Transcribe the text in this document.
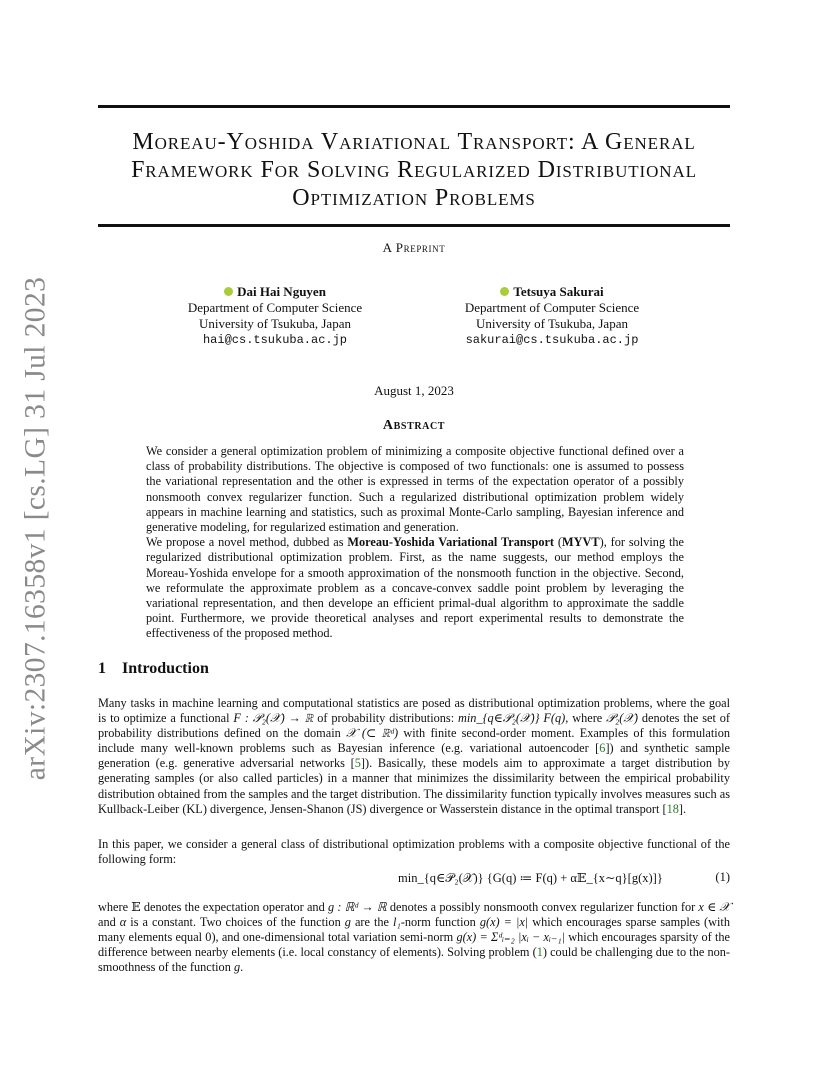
arXiv:2307.16358v1 [cs.LG] 31 Jul 2023
Moreau-Yoshida Variational Transport: A General Framework For Solving Regularized Distributional Optimization Problems
A Preprint
Dai Hai Nguyen
Department of Computer Science
University of Tsukuba, Japan
hai@cs.tsukuba.ac.jp
Tetsuya Sakurai
Department of Computer Science
University of Tsukuba, Japan
sakurai@cs.tsukuba.ac.jp
August 1, 2023
Abstract

We consider a general optimization problem of minimizing a composite objective functional defined over a class of probability distributions. The objective is composed of two functionals: one is assumed to possess the variational representation and the other is expressed in terms of the expectation operator of a possibly nonsmooth convex regularizer function. Such a regularized distributional optimization problem widely appears in machine learning and statistics, such as proximal Monte-Carlo sampling, Bayesian inference and generative modeling, for regularized estimation and generation.

We propose a novel method, dubbed as Moreau-Yoshida Variational Transport (MYVT), for solving the regularized distributional optimization problem. First, as the name suggests, our method employs the Moreau-Yoshida envelope for a smooth approximation of the nonsmooth function in the objective. Second, we reformulate the approximate problem as a concave-convex saddle point problem by leveraging the variational representation, and then develope an efficient primal-dual algorithm to approximate the saddle point. Furthermore, we provide theoretical analyses and report experimental results to demonstrate the effectiveness of the proposed method.

1 Introduction

Many tasks in machine learning and computational statistics are posed as distributional optimization problems, where the goal is to optimize a functional F : 𝒫₂(𝒳) → ℝ of probability distributions: min_{q∈𝒫₂(𝒳)} F(q), where 𝒫₂(𝒳) denotes the set of probability distributions defined on the domain 𝒳 (⊂ ℝᵈ) with finite second-order moment. Examples of this formulation include many well-known problems such as Bayesian inference (e.g. variational autoencoder [6]) and synthetic sample generation (e.g. generative adversarial networks [5]). Basically, these models aim to approximate a target distribution by generating samples (or also called particles) in a manner that minimizes the dissimilarity between the empirical probability distribution obtained from the samples and the target distribution. The dissimilarity function typically involves measures such as Kullback-Leiber (KL) divergence, Jensen-Shanon (JS) divergence or Wasserstein distance in the optimal transport [18].

In this paper, we consider a general class of distributional optimization problems with a composite objective functional of the following form:

min_{q∈𝒫₂(𝒳)} {G(q) ≔ F(q) + α𝔼_{x∼q}[g(x)]}	(1)

where 𝔼 denotes the expectation operator and g : ℝᵈ → ℝ denotes a possibly nonsmooth convex regularizer function for x ∈ 𝒳 and α is a constant. Two choices of the function g are the l₁-norm function g(x) = |x| which encourages sparse samples (with many elements equal 0), and one-dimensional total variation semi-norm g(x) = Σᵈᵢ₌₂ |xᵢ − xᵢ₋₁| which encourages sparsity of the difference between nearby elements (i.e. local constancy of elements). Solving problem (1) could be challenging due to the non-smoothness of the function g.
